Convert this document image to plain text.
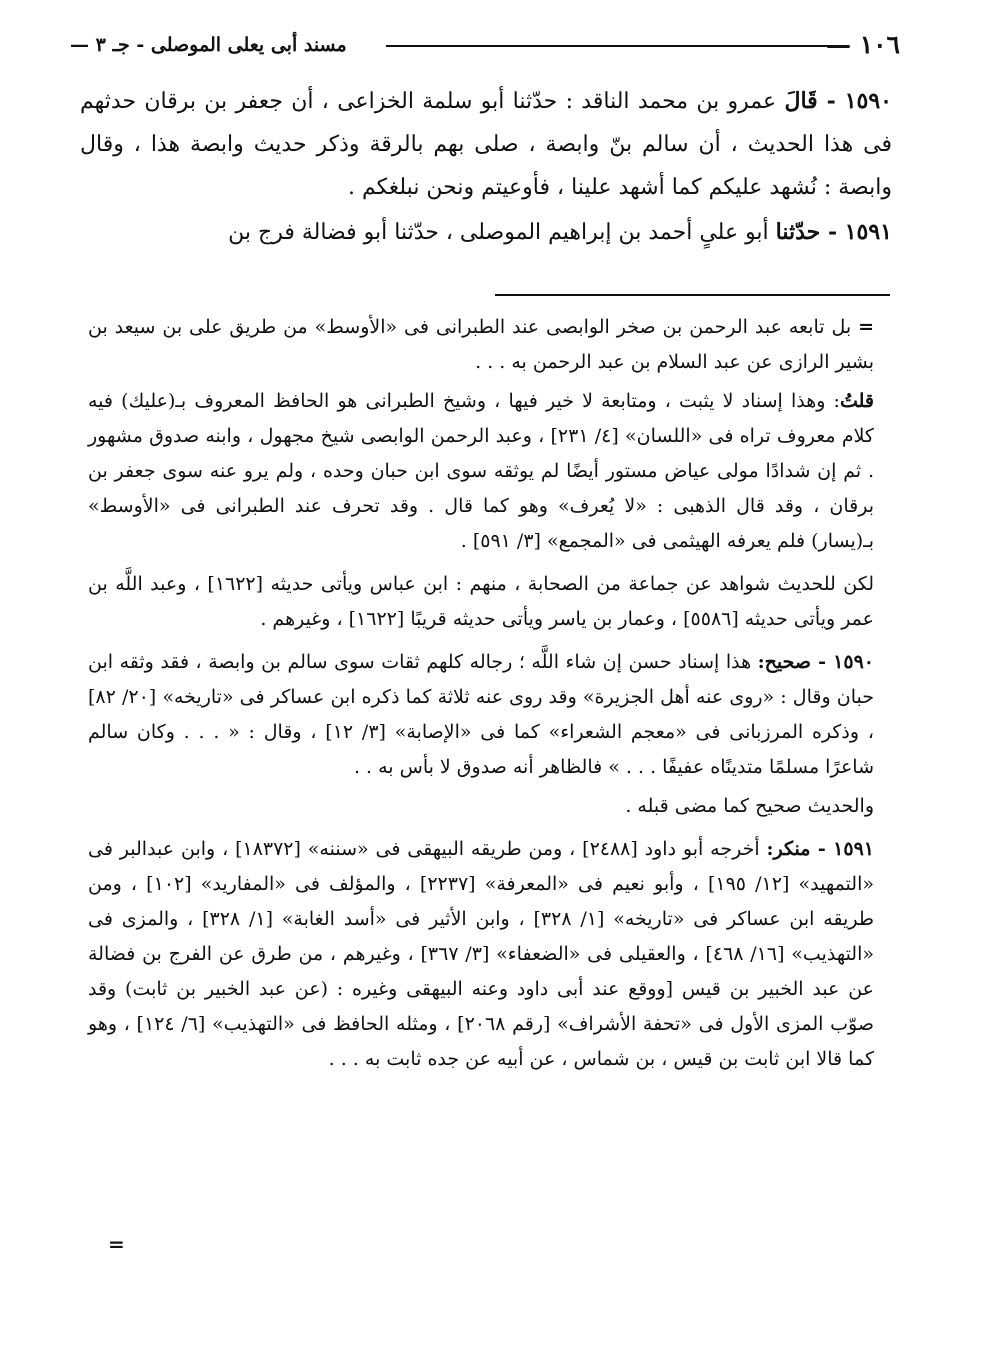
١٠٦ —
مسند أبى يعلى الموصلى - جـ ٣ —

١٥٩٠ - قَالَ عمرو بن محمد الناقد : حدّثنا أبو سلمة الخزاعى ، أن جعفر بن برقان حدثهم فى هذا الحديث ، أن سالم بنّ وابصة ، صلى بهم بالرقة وذكر حديث وابصة هذا ، وقال وابصة : نُشهد عليكم كما أشهد علينا ، فأوعيتم ونحن نبلغكم .

١٥٩١ - حدّثنا أبو علىٍ أحمد بن إبراهيم الموصلى ، حدّثنا أبو فضالة فرج بن

= بل تابعه عبد الرحمن بن صخر الوابصى عند الطبرانى فى «الأوسط» من طريق على بن سيعد بن بشير الرازى عن عبد السلام بن عبد الرحمن به . . .

قلتُ: وهذا إسناد لا يثبت ، ومتابعة لا خير فيها ، وشيخ الطبرانى هو الحافظ المعروف بـ(عليك) فيه كلام معروف تراه فى «اللسان» [٤/ ٢٣١] ، وعبد الرحمن الوابصى شيخ مجهول ، وابنه صدوق مشهور . ثم إن شدادًا مولى عياض مستور أيضًا لم يوثقه سوى ابن حبان وحده ، ولم يرو عنه سوى جعفر بن برقان ، وقد قال الذهبى : «لا يُعرف» وهو كما قال . وقد تحرف عند الطبرانى فى «الأوسط» بـ(يسار) فلم يعرفه الهيثمى فى «المجمع» [٣/ ٥٩١] .

لكن للحديث شواهد عن جماعة من الصحابة ، منهم : ابن عباس ويأتى حديثه [١٦٢٢] ، وعبد اللَّه بن عمر ويأتى حديثه [٥٥٨٦] ، وعمار بن ياسر ويأتى حديثه قريبًا [١٦٢٢] ، وغيرهم .

١٥٩٠ - صحيح: هذا إسناد حسن إن شاء اللَّه ؛ رجاله كلهم ثقات سوى سالم بن وابصة ، فقد وثقه ابن حبان وقال : «روى عنه أهل الجزيرة» وقد روى عنه ثلاثة كما ذكره ابن عساكر فى «تاريخه» [٢٠/ ٨٢] ، وذكره المرزبانى فى «معجم الشعراء» كما فى «الإصابة» [٣/ ١٢] ، وقال : « . . . وكان سالم شاعرًا مسلمًا متدينًاه عفيفًا . . . » فالظاهر أنه صدوق لا بأس به . .

والحديث صحيح كما مضى قبله .

١٥٩١ - منكر: أخرجه أبو داود [٢٤٨٨] ، ومن طريقه البيهقى فى «سننه» [١٨٣٧٢] ، وابن عبدالبر فى «التمهيد» [١٢/ ١٩٥] ، وأبو نعيم فى «المعرفة» [٢٢٣٧] ، والمؤلف فى «المفاريد» [١٠٢] ، ومن طريقه ابن عساكر فى «تاريخه» [١/ ٣٢٨] ، وابن الأثير فى «أسد الغابة» [١/ ٣٢٨] ، والمزى فى «التهذيب» [١٦/ ٤٦٨] ، والعقيلى فى «الضعفاء» [٣/ ٣٦٧] ، وغيرهم ، من طرق عن الفرج بن فضالة عن عبد الخبير بن قيس [ووقع عند أبى داود وعنه البيهقى وغيره : (عن عبد الخبير بن ثابت) وقد صوّب المزى الأول فى «تحفة الأشراف» [رقم ٢٠٦٨] ، ومثله الحافظ فى «التهذيب» [٦/ ١٢٤] ، وهو كما قالا ابن ثابت بن قيس ، بن شماس ، عن أبيه عن جده ثابت به . . .

=
